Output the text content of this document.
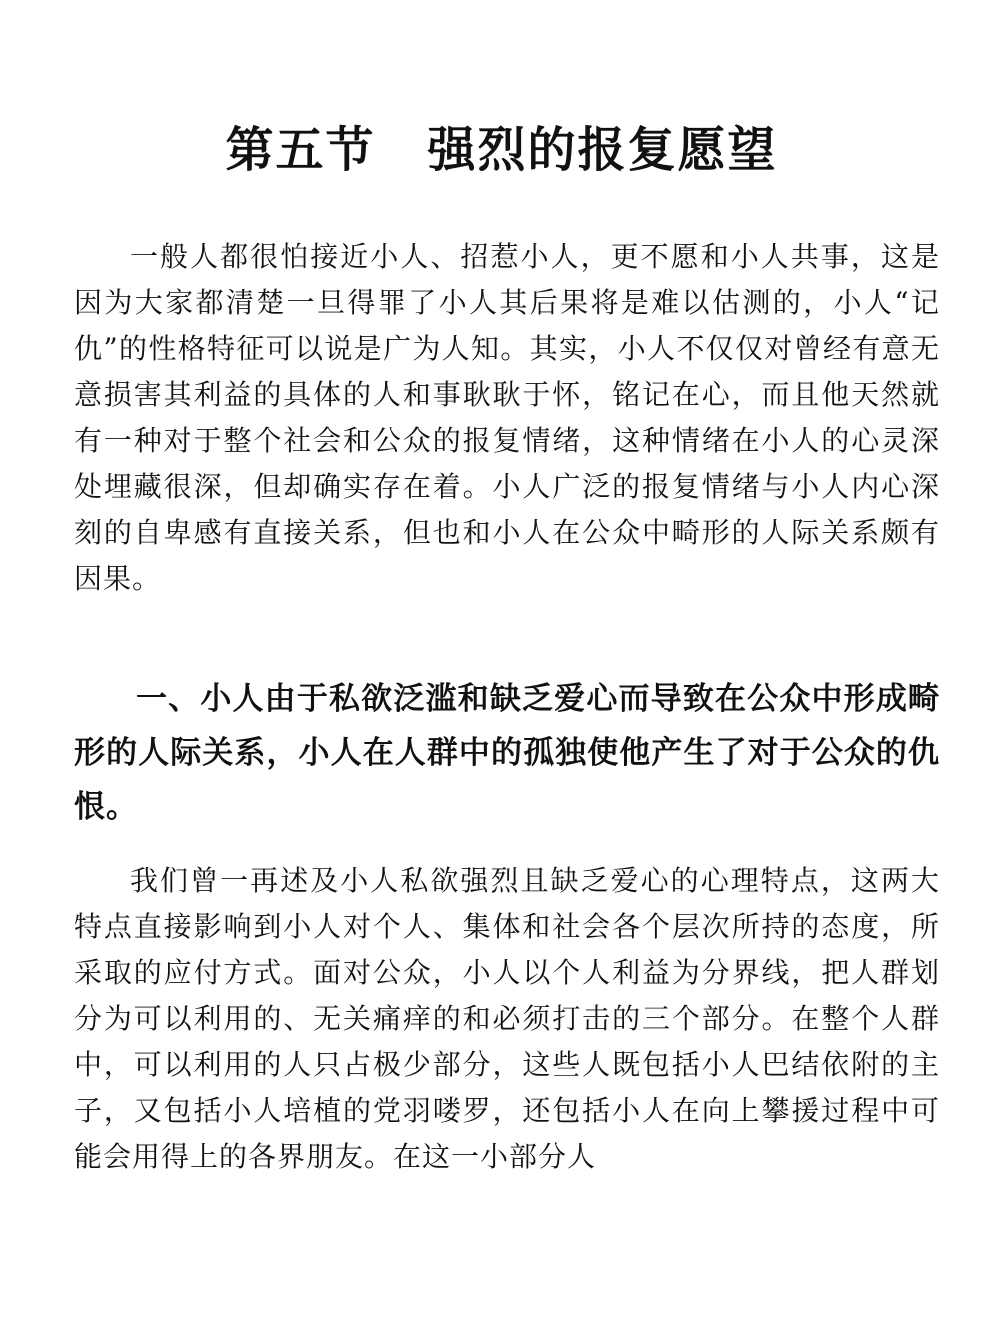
第五节 强烈的报复愿望

一般人都很怕接近小人、招惹小人，更不愿和小人共事，这是因为大家都清楚一旦得罪了小人其后果将是难以估测的，小人“记仇”的性格特征可以说是广为人知。其实，小人不仅仅对曾经有意无意损害其利益的具体的人和事耿耿于怀，铭记在心，而且他天然就有一种对于整个社会和公众的报复情绪，这种情绪在小人的心灵深处埋藏很深，但却确实存在着。小人广泛的报复情绪与小人内心深刻的自卑感有直接关系，但也和小人在公众中畸形的人际关系颇有因果。

一、小人由于私欲泛滥和缺乏爱心而导致在公众中形成畸形的人际关系，小人在人群中的孤独使他产生了对于公众的仇恨。

我们曾一再述及小人私欲强烈且缺乏爱心的心理特点，这两大特点直接影响到小人对个人、集体和社会各个层次所持的态度，所采取的应付方式。面对公众，小人以个人利益为分界线，把人群划分为可以利用的、无关痛痒的和必须打击的三个部分。在整个人群中，可以利用的人只占极少部分，这些人既包括小人巴结依附的主子，又包括小人培植的党羽喽罗，还包括小人在向上攀援过程中可能会用得上的各界朋友。在这一小部分人
